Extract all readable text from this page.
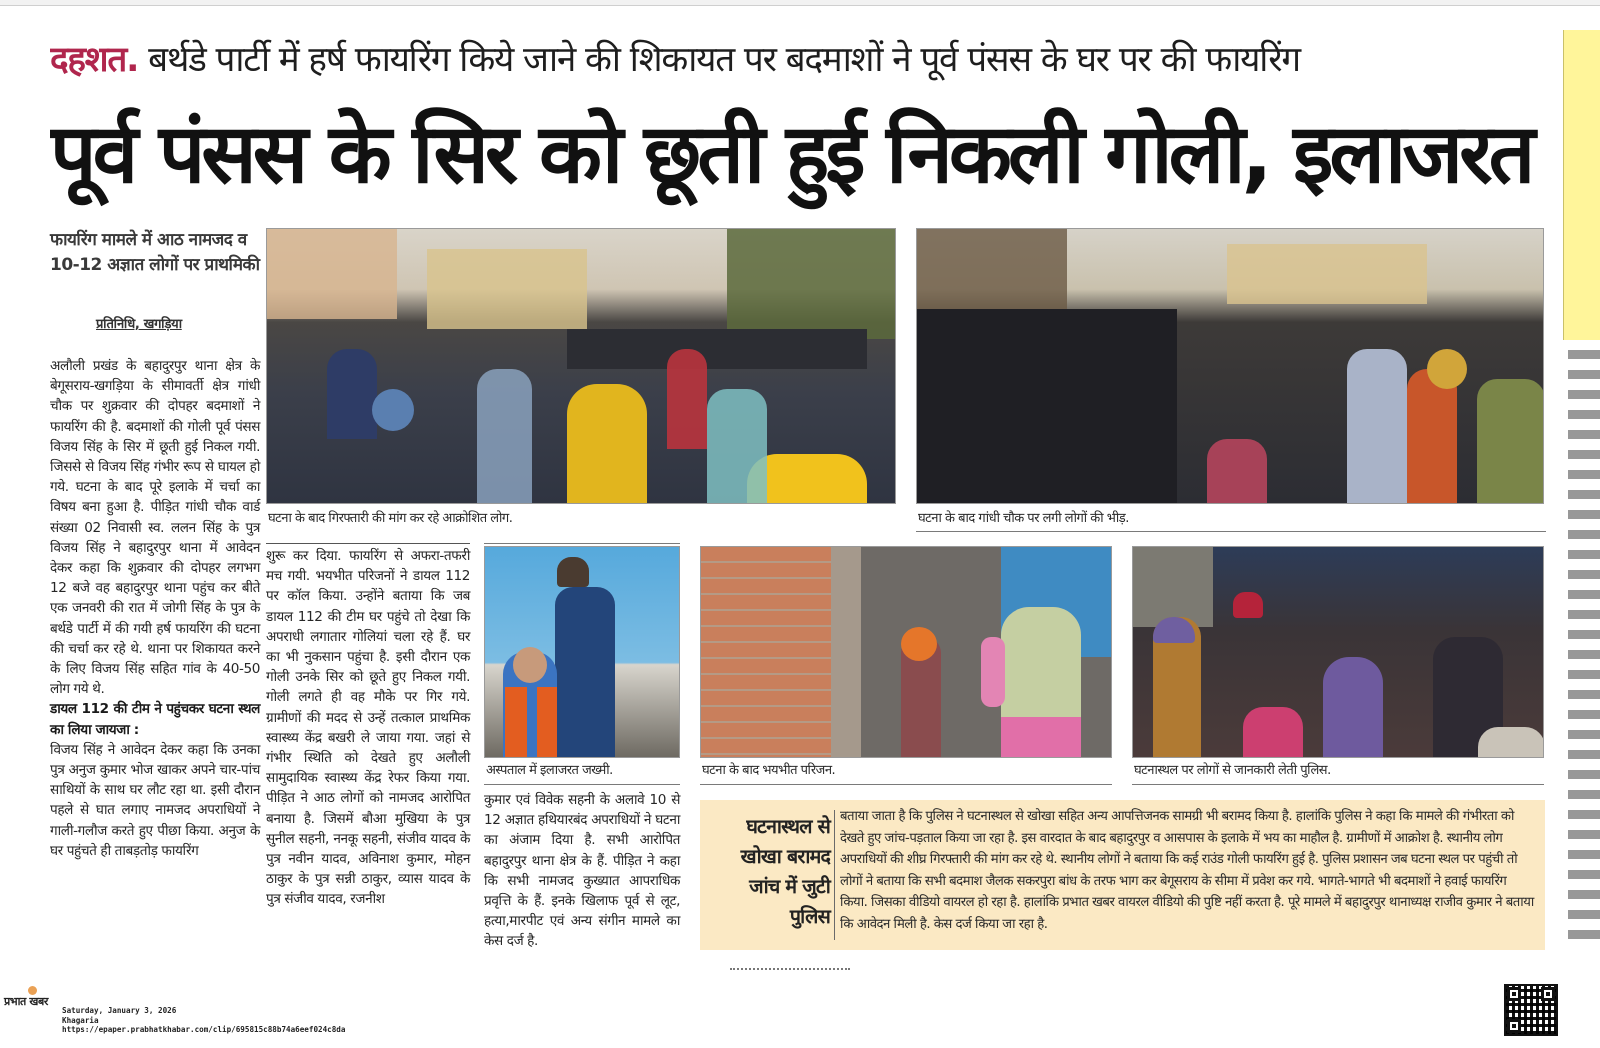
दहशत. बर्थडे पार्टी में हर्ष फायरिंग किये जाने की शिकायत पर बदमाशों ने पूर्व पंसस के घर पर की फायरिंग
पूर्व पंसस के सिर को छूती हुई निकली गोली, इलाजरत
फायरिंग मामले में आठ नामजद व 10-12 अज्ञात लोगों पर प्राथमिकी
प्रतिनिधि, खगड़िया

अलौली प्रखंड के बहादुरपुर थाना क्षेत्र के बेगूसराय-खगड़िया के सीमावर्ती क्षेत्र गांधी चौक पर शुक्रवार की दोपहर बदमाशों ने फायरिंग की है. बदमाशों की गोली पूर्व पंसस विजय सिंह के सिर में छूती हुई निकल गयी. जिससे से विजय सिंह गंभीर रूप से घायल हो गये. घटना के बाद पूरे इलाके में चर्चा का विषय बना हुआ है. पीड़ित गांधी चौक वार्ड संख्या 02 निवासी स्व. ललन सिंह के पुत्र विजय सिंह ने बहादुरपुर थाना में आवेदन देकर कहा कि शुक्रवार की दोपहर लगभग 12 बजे वह बहादुरपुर थाना पहुंच कर बीते एक जनवरी की रात में जोगी सिंह के पुत्र के बर्थडे पार्टी में की गयी हर्ष फायरिंग की घटना की चर्चा कर रहे थे. थाना पर शिकायत करने के लिए विजय सिंह सहित गांव के 40-50 लोग गये थे.

डायल 112 की टीम ने पहुंचकर घटना स्थल का लिया जायजा :

विजय सिंह ने आवेदन देकर कहा कि उनका पुत्र अनुज कुमार भोज खाकर अपने चार-पांच साथियों के साथ घर लौट रहा था. इसी दौरान पहले से घात लगाए नामजद अपराधियों ने गाली-गलौज करते हुए पीछा किया. अनुज के घर पहुंचते ही ताबड़तोड़ फायरिंग

शुरू कर दिया. फायरिंग से अफरा-तफरी मच गयी. भयभीत परिजनों ने डायल 112 पर कॉल किया. उन्होंने बताया कि जब डायल 112 की टीम घर पहुंचे तो देखा कि अपराधी लगातार गोलियां चला रहे हैं. घर का भी नुकसान पहुंचा है. इसी दौरान एक गोली उनके सिर को छूते हुए निकल गयी. गोली लगते ही वह मौके पर गिर गये. ग्रामीणों की मदद से उन्हें तत्काल प्राथमिक स्वास्थ्य केंद्र बखरी ले जाया गया. जहां से गंभीर स्थिति को देखते हुए अलौली सामुदायिक स्वास्थ्य केंद्र रेफर किया गया. पीड़ित ने आठ लोगों को नामजद आरोपित बनाया है. जिसमें बौआ मुखिया के पुत्र सुनील सहनी, ननकू सहनी, संजीव यादव के पुत्र नवीन यादव, अविनाश कुमार, मोहन ठाकुर के पुत्र सन्नी ठाकुर, व्यास यादव के पुत्र संजीव यादव, रजनीश

कुमार एवं विवेक सहनी के अलावे 10 से 12 अज्ञात हथियारबंद अपराधियों ने घटना का अंजाम दिया है. सभी आरोपित बहादुरपुर थाना क्षेत्र के हैं. पीड़ित ने कहा कि सभी नामजद कुख्यात आपराधिक प्रवृत्ति के हैं. इनके खिलाफ पूर्व से लूट, हत्या,मारपीट एवं अन्य संगीन मामले का केस दर्ज है.

घटना के बाद गिरफ्तारी की मांग कर रहे आक्रोशित लोग.	घटना के बाद गांधी चौक पर लगी लोगों की भीड़.
अस्पताल में इलाजरत जख्मी.	घटना के बाद भयभीत परिजन.	घटनास्थल पर लोगों से जानकारी लेती पुलिस.
घटनास्थल से खोखा बरामद जांच में जुटी पुलिस
बताया जाता है कि पुलिस ने घटनास्थल से खोखा सहित अन्य आपत्तिजनक सामग्री भी बरामद किया है. हालांकि पुलिस ने कहा कि मामले की गंभीरता को देखते हुए जांच-पड़ताल किया जा रहा है. इस वारदात के बाद बहादुरपुर व आसपास के इलाके में भय का माहौल है. ग्रामीणों में आक्रोश है. स्थानीय लोग अपराधियों की शीघ्र गिरफ्तारी की मांग कर रहे थे. स्थानीय लोगों ने बताया कि कई राउंड गोली फायरिंग हुई है. पुलिस प्रशासन जब घटना स्थल पर पहुंची तो लोगों ने बताया कि सभी बदमाश जैलक सकरपुरा बांध के तरफ भाग कर बेगूसराय के सीमा में प्रवेश कर गये. भागते-भागते भी बदमाशों ने हवाई फायरिंग किया. जिसका वीडियो वायरल हो रहा है. हालांकि प्रभात खबर वायरल वीडियो की पुष्टि नहीं करता है. पूरे मामले में बहादुरपुर थानाध्यक्ष राजीव कुमार ने बताया कि आवेदन मिली है. केस दर्ज किया जा रहा है.
प्रभात खबर
Saturday, January 3, 2026
Khagaria
https://epaper.prabhatkhabar.com/clip/695815c88b74a6eef024c8da
